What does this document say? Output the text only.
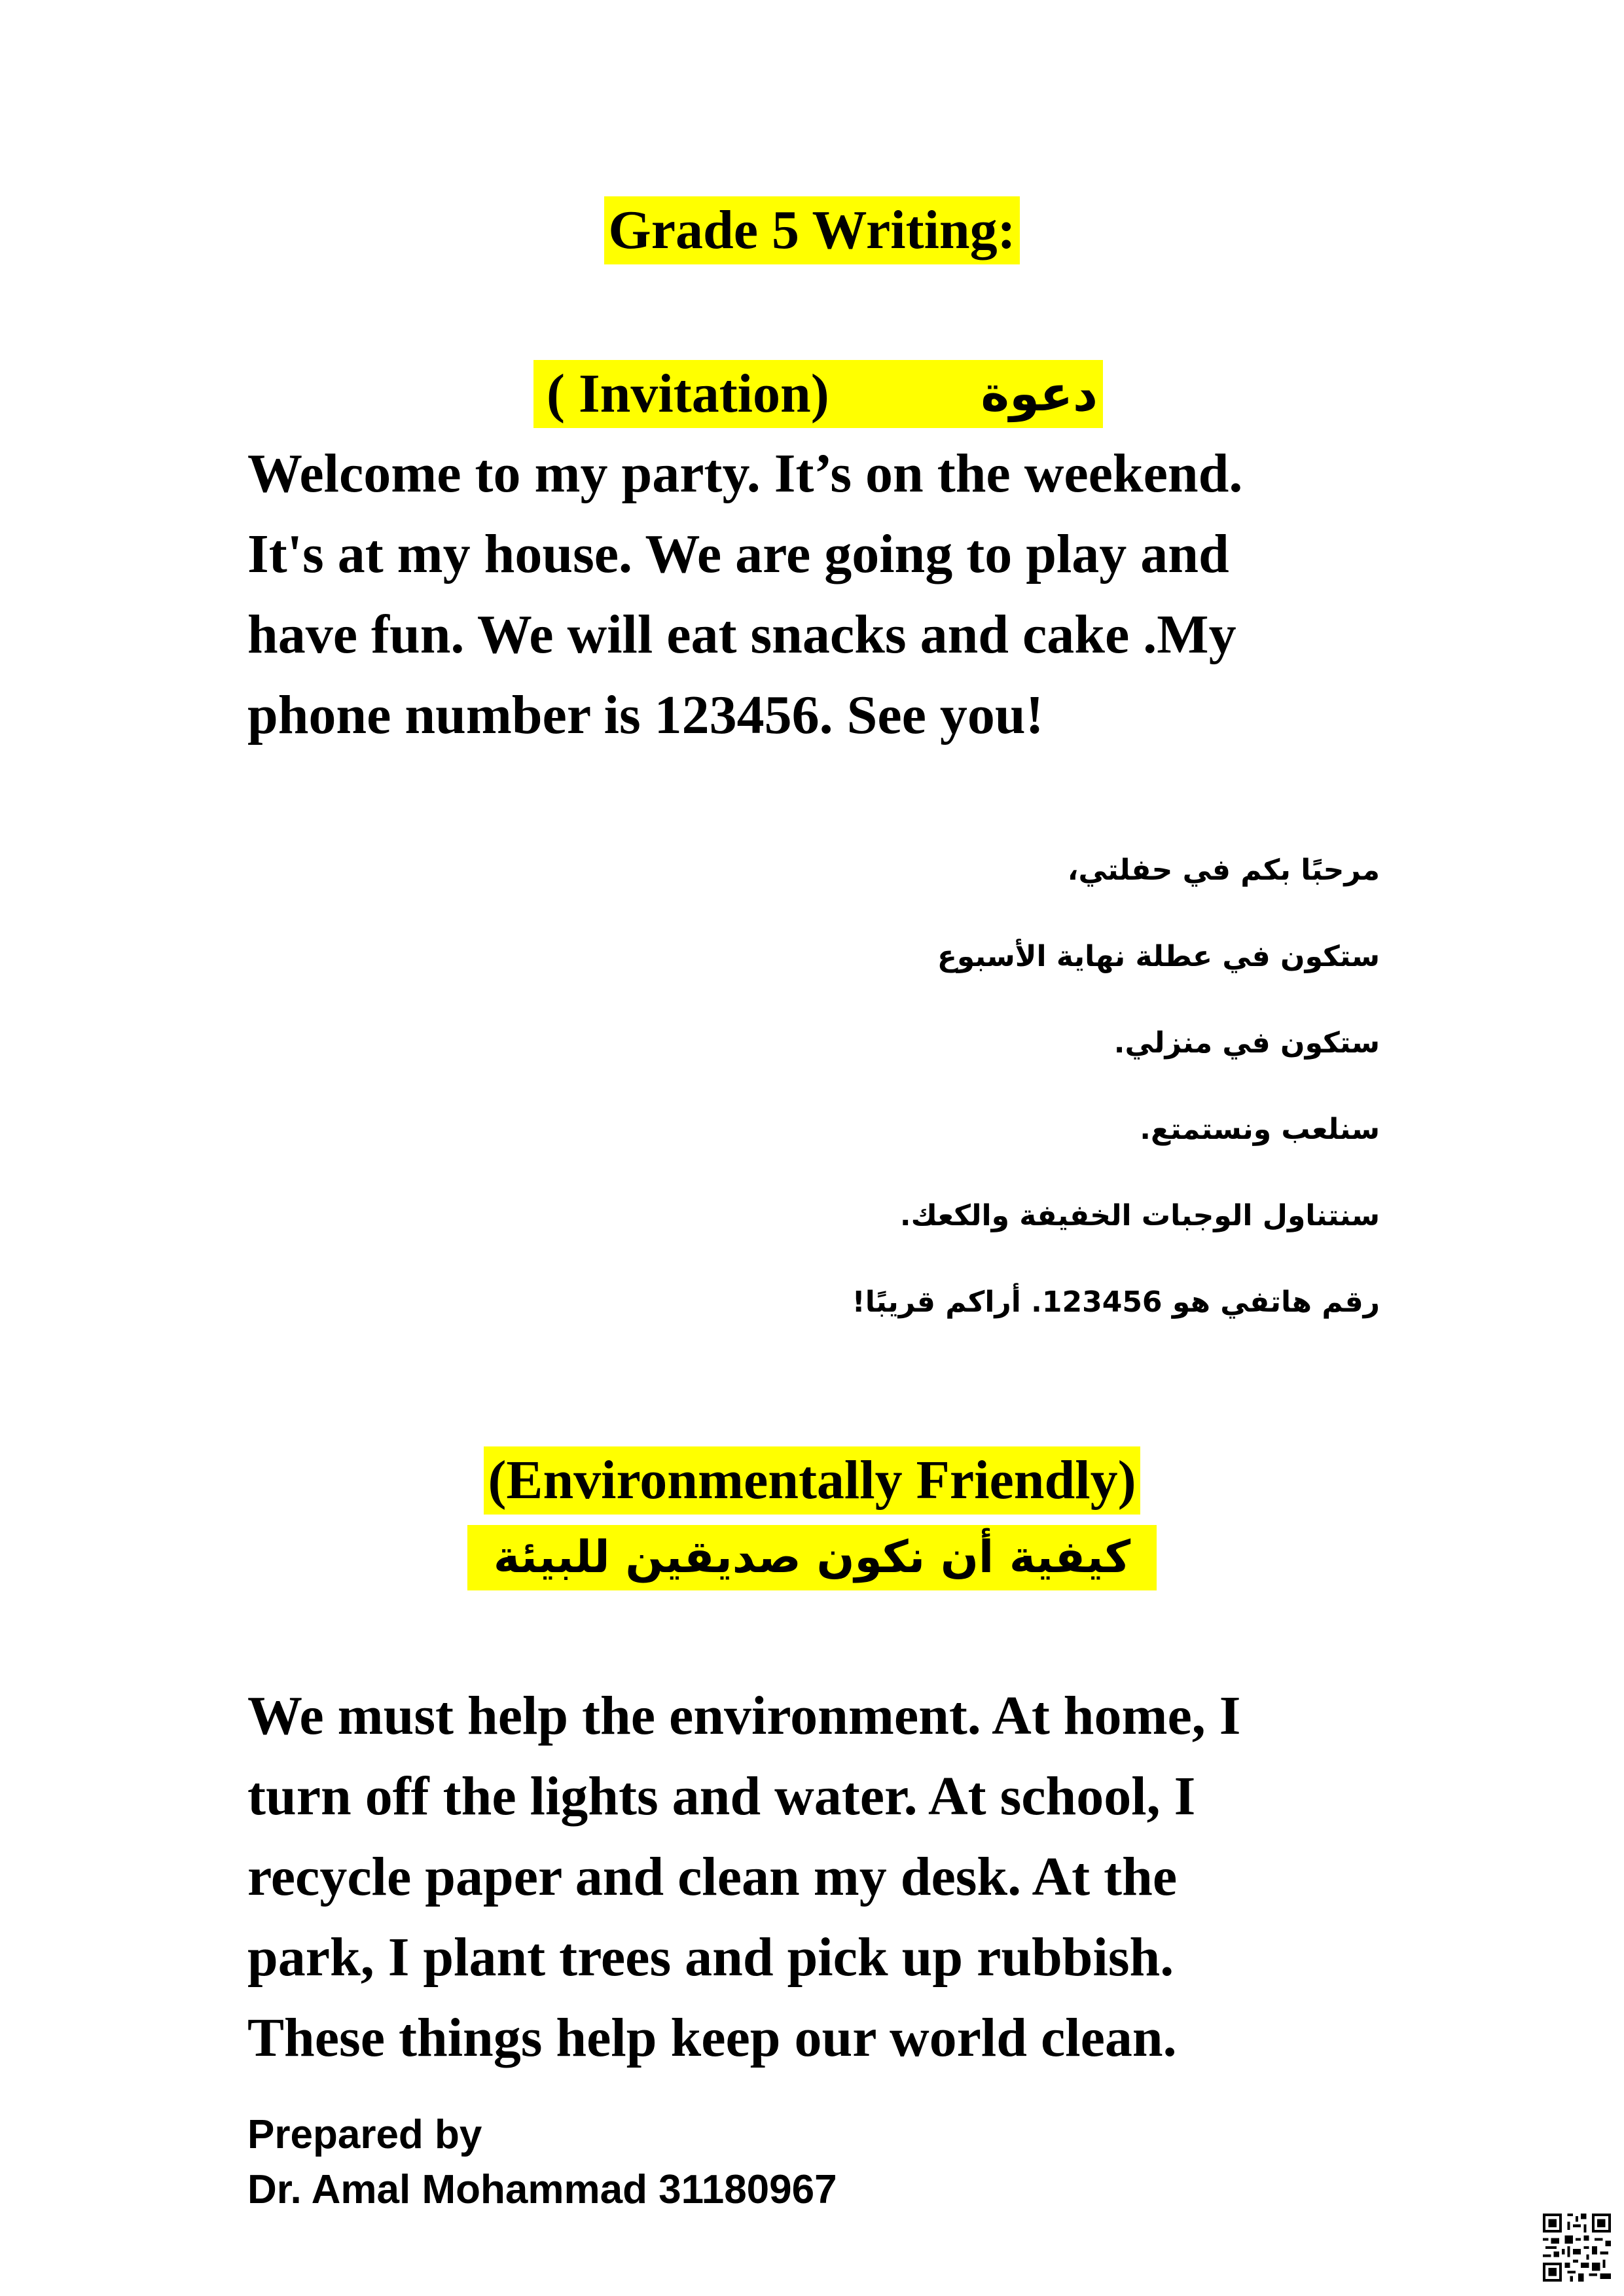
Grade 5 Writing:
( Invitation)	دعوة
Welcome to my party. It’s on the weekend.
It's at my house. We are going to play and
have fun. We will eat snacks and cake .My
phone number is 123456. See you!
مرحبًا بكم في حفلتي،
ستكون في عطلة نهاية الأسبوع
ستكون في منزلي.
سنلعب ونستمتع.
سنتناول الوجبات الخفيفة والكعك.
رقم هاتفي هو 123456. أراكم قريبًا!
(Environmentally Friendly)
كيفية أن نكون صديقين للبيئة
We must help the environment. At home, I
turn off the lights and water. At school, I
recycle paper and clean my desk. At the
park, I plant trees and pick up rubbish.
These things help keep our world clean.
Prepared by
Dr. Amal Mohammad 31180967
